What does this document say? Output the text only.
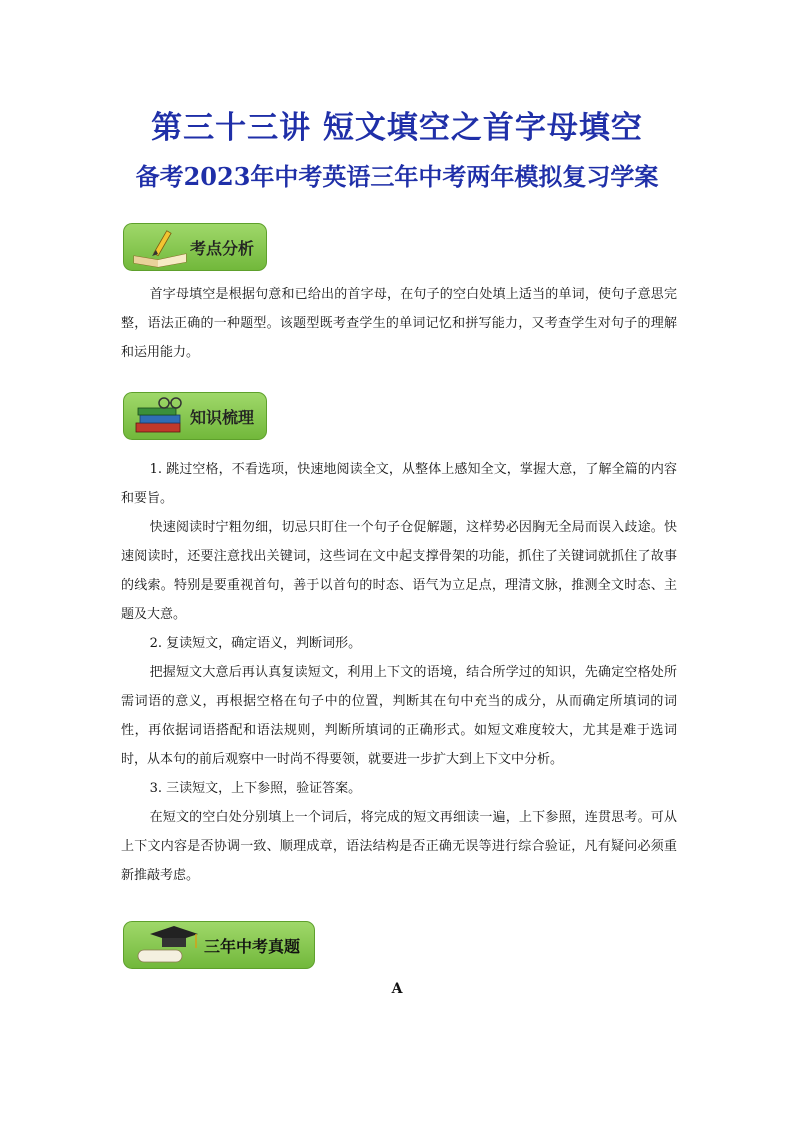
第三十三讲 短文填空之首字母填空
备考2023年中考英语三年中考两年模拟复习学案
考点分析

首字母填空是根据句意和已给出的首字母，在句子的空白处填上适当的单词，使句子意思完整，语法正确的一种题型。该题型既考查学生的单词记忆和拼写能力，又考查学生对句子的理解和运用能力。

知识梳理

1. 跳过空格，不看选项，快速地阅读全文，从整体上感知全文，掌握大意，了解全篇的内容和要旨。

快速阅读时宁粗勿细，切忌只盯住一个句子仓促解题，这样势必因胸无全局而误入歧途。快速阅读时，还要注意找出关键词，这些词在文中起支撑骨架的功能，抓住了关键词就抓住了故事的线索。特别是要重视首句，善于以首句的时态、语气为立足点，理清文脉，推测全文时态、主题及大意。

2. 复读短文，确定语义，判断词形。

把握短文大意后再认真复读短文，利用上下文的语境，结合所学过的知识，先确定空格处所需词语的意义，再根据空格在句子中的位置，判断其在句中充当的成分，从而确定所填词的词性，再依据词语搭配和语法规则，判断所填词的正确形式。如短文难度较大，尤其是难于选词时，从本句的前后观察中一时尚不得要领，就要进一步扩大到上下文中分析。

3. 三读短文，上下参照，验证答案。

在短文的空白处分别填上一个词后，将完成的短文再细读一遍，上下参照，连贯思考。可从上下文内容是否协调一致、顺理成章，语法结构是否正确无误等进行综合验证，凡有疑问必须重新推敲考虑。

三年中考真题
A
